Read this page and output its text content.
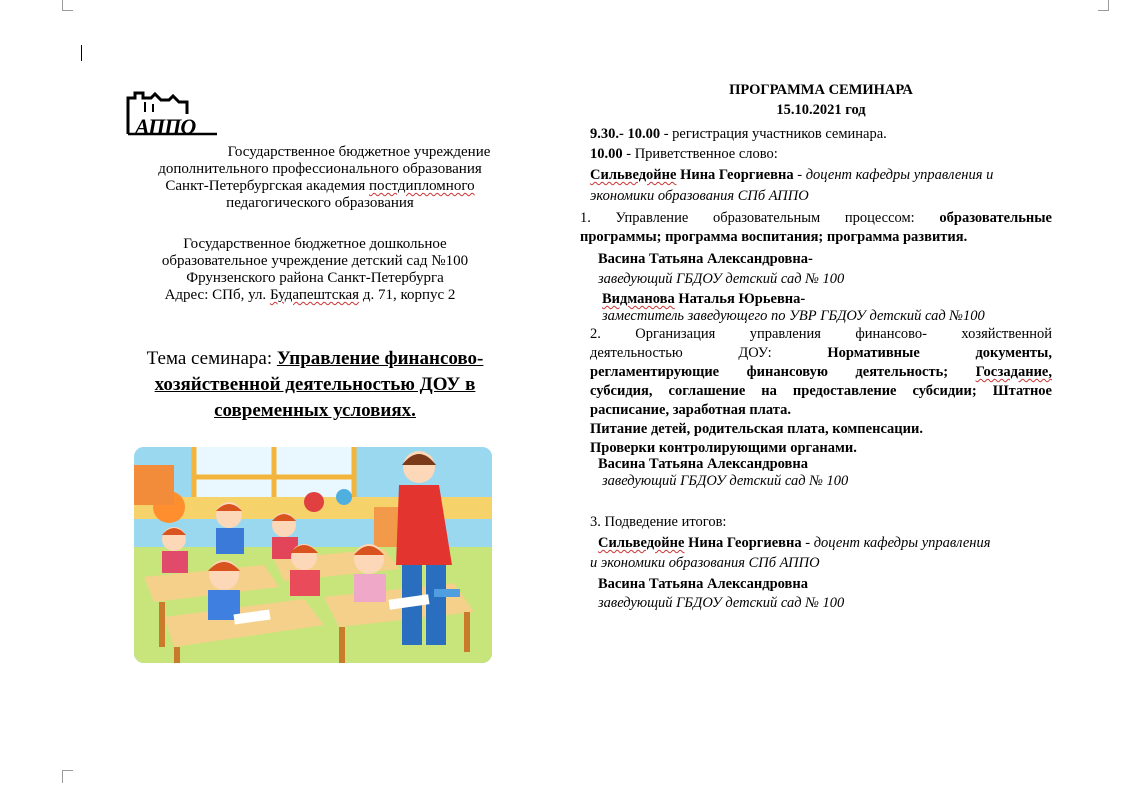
АППО
Государственное бюджетное учреждение
дополнительного профессионального образования
Санкт-Петербургская академия постдипломного
педагогического образования
Государственное бюджетное дошкольное
образовательное учреждение детский сад №100
Фрунзенского района Санкт-Петербурга
Адрес: СПб, ул. Будапештская д. 71, корпус 2
Тема семинара: Управление финансово-
хозяйственной деятельностью ДОУ в
современных условиях.
ПРОГРАММА СЕМИНАРА
15.10.2021 год
9.30.- 10.00 - регистрация участников семинара.
10.00 - Приветственное слово:
Сильведойне Нина Георгиевна - доцент кафедры управления и
экономики образования СПб АППО
1. Управление образовательным процессом: образовательные
программы; программа воспитания; программа развития.
Васина Татьяна Александровна-
заведующий ГБДОУ детский сад № 100
Видманова Наталья Юрьевна-
заместитель заведующего по УВР ГБДОУ детский сад №100
2. Организация управления финансово- хозяйственной
деятельностью ДОУ: Нормативные документы,
регламентирующие финансовую деятельность; Госзадание,
субсидия, соглашение на предоставление субсидии; Штатное
расписание, заработная плата.
Питание детей, родительская плата, компенсации.
Проверки контролирующими органами.
Васина Татьяна Александровна
заведующий ГБДОУ детский сад № 100
3. Подведение итогов:
Сильведойне Нина Георгиевна - доцент кафедры управления
и экономики образования СПб АППО
Васина Татьяна Александровна
заведующий ГБДОУ детский сад № 100
